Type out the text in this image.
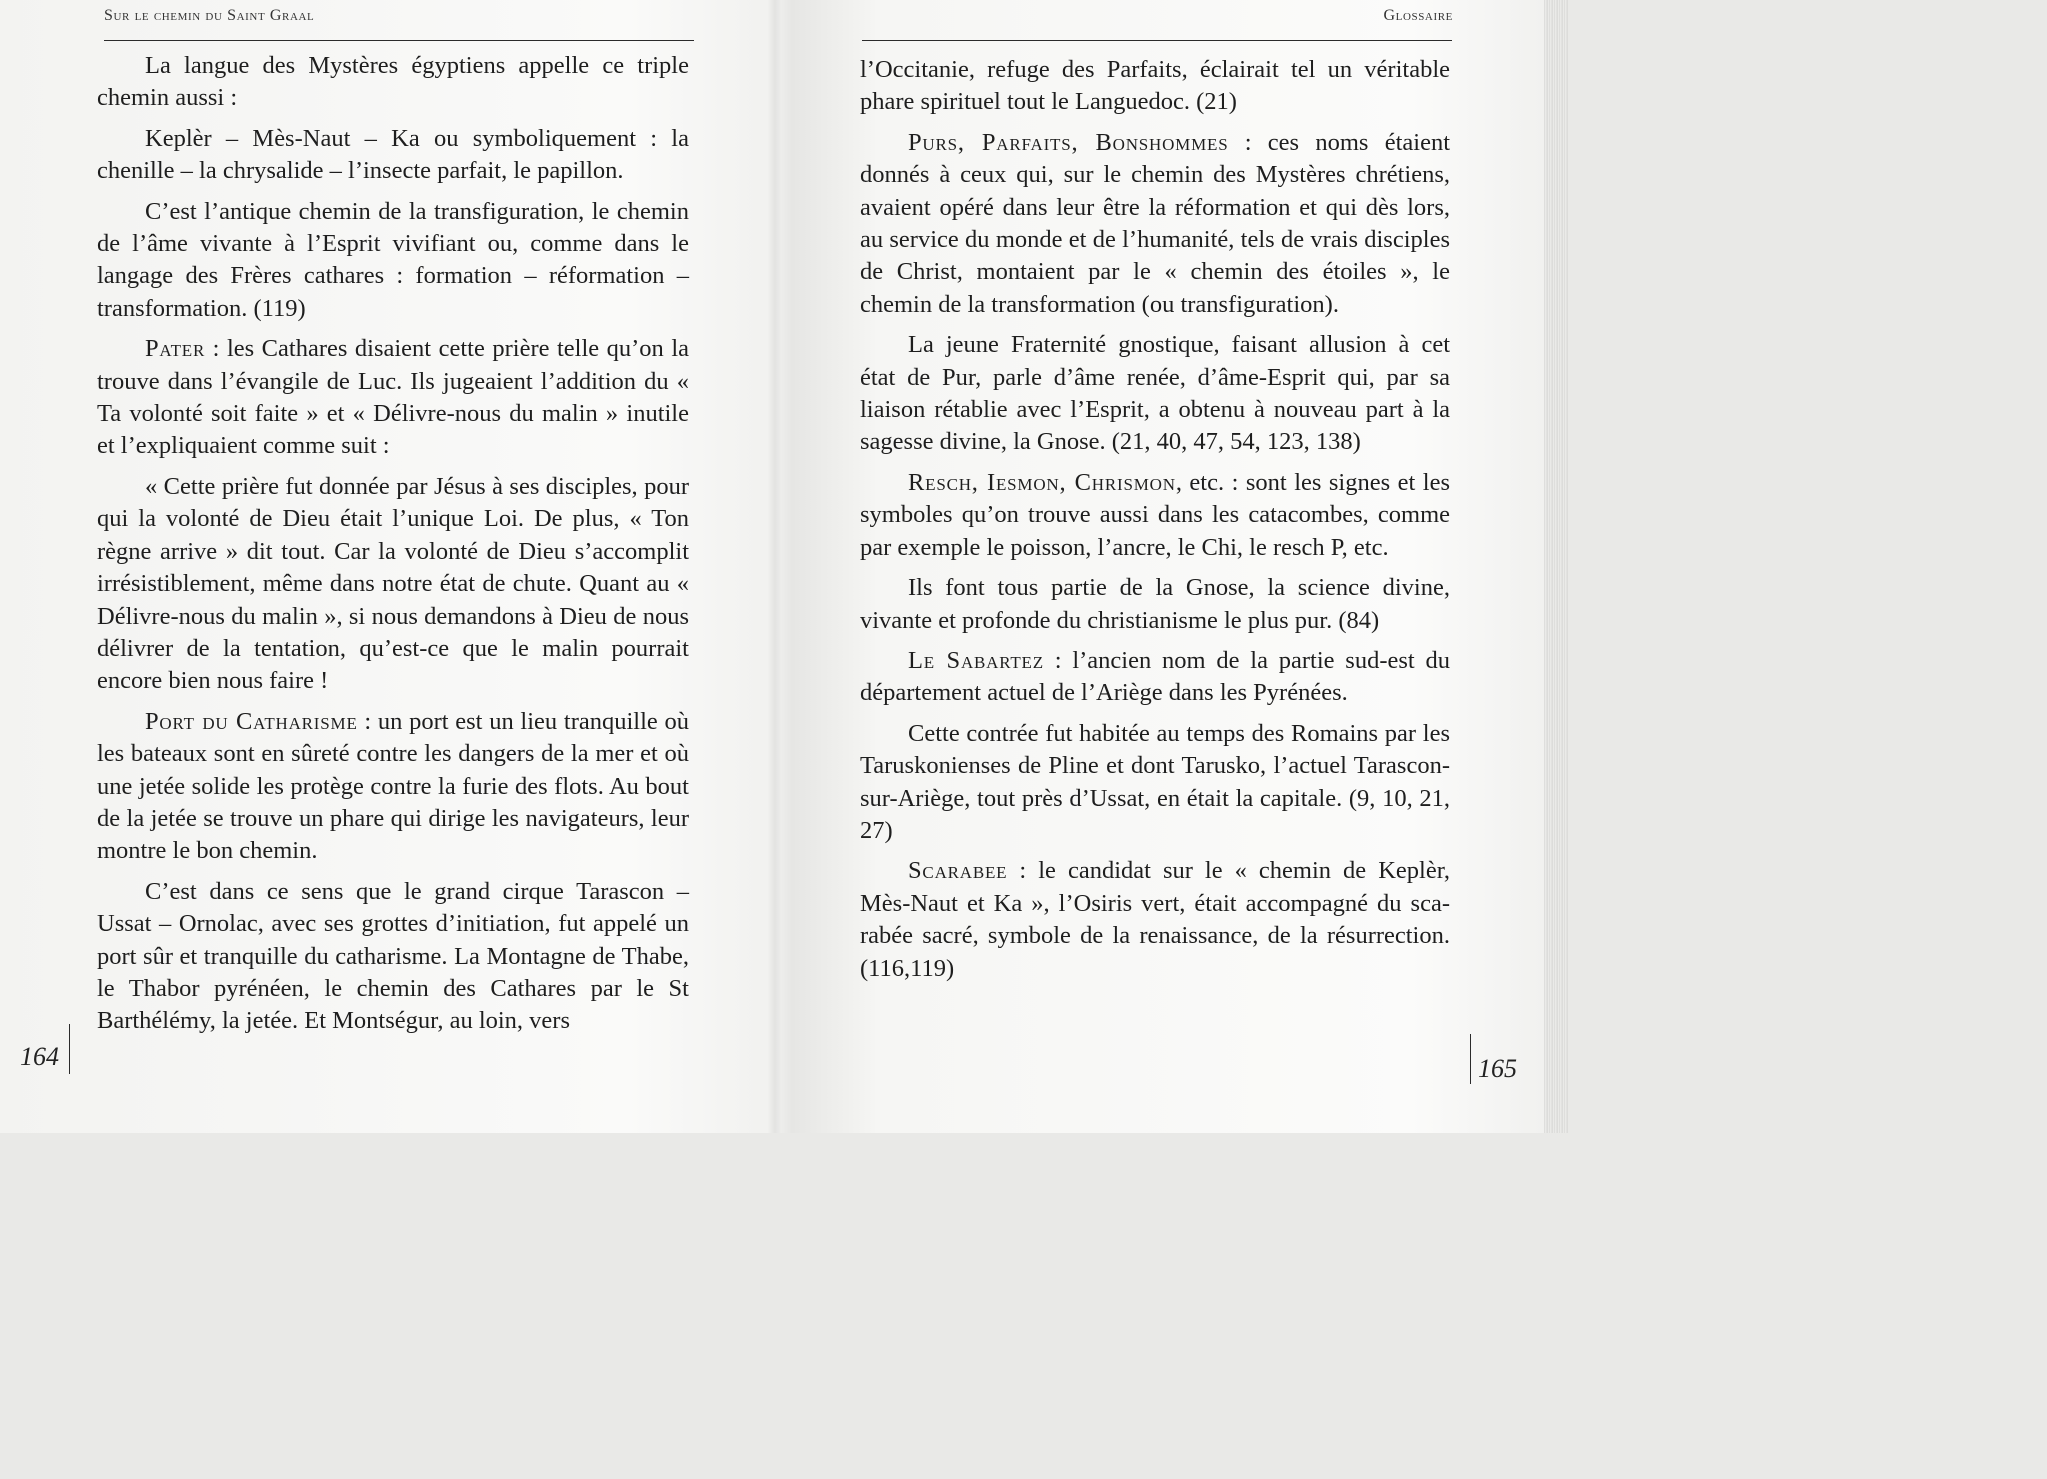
Sur le chemin du Saint Graal

La langue des Mystères égyptiens appelle ce triple chemin aussi :

Keplèr – Mès-Naut – Ka ou symboliquement : la chenille – la chrysalide – l’insecte parfait, le papillon.

C’est l’antique chemin de la transfiguration, le chemin de l’âme vivante à l’Esprit vivifiant ou, comme dans le langage des Frères cathares : formation – réformation – transformation. (119)

Pater : les Cathares disaient cette prière telle qu’on la trouve dans l’évangile de Luc. Ils jugeaient l’addition du « Ta volonté soit faite » et « Délivre-nous du malin » inutile et l’expliquaient comme suit :

« Cette prière fut donnée par Jésus à ses disciples, pour qui la volonté de Dieu était l’unique Loi. De plus, « Ton règne arrive » dit tout. Car la volonté de Dieu s’accomplit irrésistiblement, même dans notre état de chute. Quant au « Délivre-nous du malin », si nous demandons à Dieu de nous délivrer de la tentation, qu’est-ce que le malin pourrait encore bien nous faire !

Port du Catharisme : un port est un lieu tranquille où les bateaux sont en sûreté contre les dangers de la mer et où une jetée solide les protège contre la furie des flots. Au bout de la jetée se trouve un phare qui dirige les navigateurs, leur montre le bon chemin.

C’est dans ce sens que le grand cirque Tarascon – Ussat – Ornolac, avec ses grottes d’initiation, fut appelé un port sûr et tranquille du catharisme. La Montagne de Thabe, le Thabor pyrénéen, le chemin des Cathares par le St Barthélémy, la jetée. Et Montségur, au loin, vers

164
Glossaire

l’Occitanie, refuge des Parfaits, éclairait tel un véritable phare spirituel tout le Languedoc. (21)

Purs, Parfaits, Bonshommes : ces noms étaient donnés à ceux qui, sur le chemin des Mystères chrétiens, avaient opéré dans leur être la réformation et qui dès lors, au service du monde et de l’humanité, tels de vrais disciples de Christ, montaient par le « chemin des étoiles », le chemin de la transformation (ou transfiguration).

La jeune Fraternité gnostique, faisant allusion à cet état de Pur, parle d’âme renée, d’âme-Esprit qui, par sa liaison rétablie avec l’Esprit, a obtenu à nouveau part à la sagesse divine, la Gnose. (21, 40, 47, 54, 123, 138)

Resch, Iesmon, Chrismon, etc. : sont les signes et les symboles qu’on trouve aussi dans les catacombes, comme par exemple le poisson, l’ancre, le Chi, le resch P, etc.

Ils font tous partie de la Gnose, la science divine, vivante et profonde du christianisme le plus pur. (84)

Le Sabartez : l’ancien nom de la partie sud-est du département actuel de l’Ariège dans les Pyrénées.

Cette contrée fut habitée au temps des Romains par les Taruskonienses de Pline et dont Tarusko, l’actuel Tarascon-sur-Ariège, tout près d’Ussat, en était la capitale. (9, 10, 21, 27)

Scarabee : le candidat sur le « chemin de Keplèr, Mès-Naut et Ka », l’Osiris vert, était accompagné du scarabée sacré, symbole de la renaissance, de la résurrection. (116,119)

165
